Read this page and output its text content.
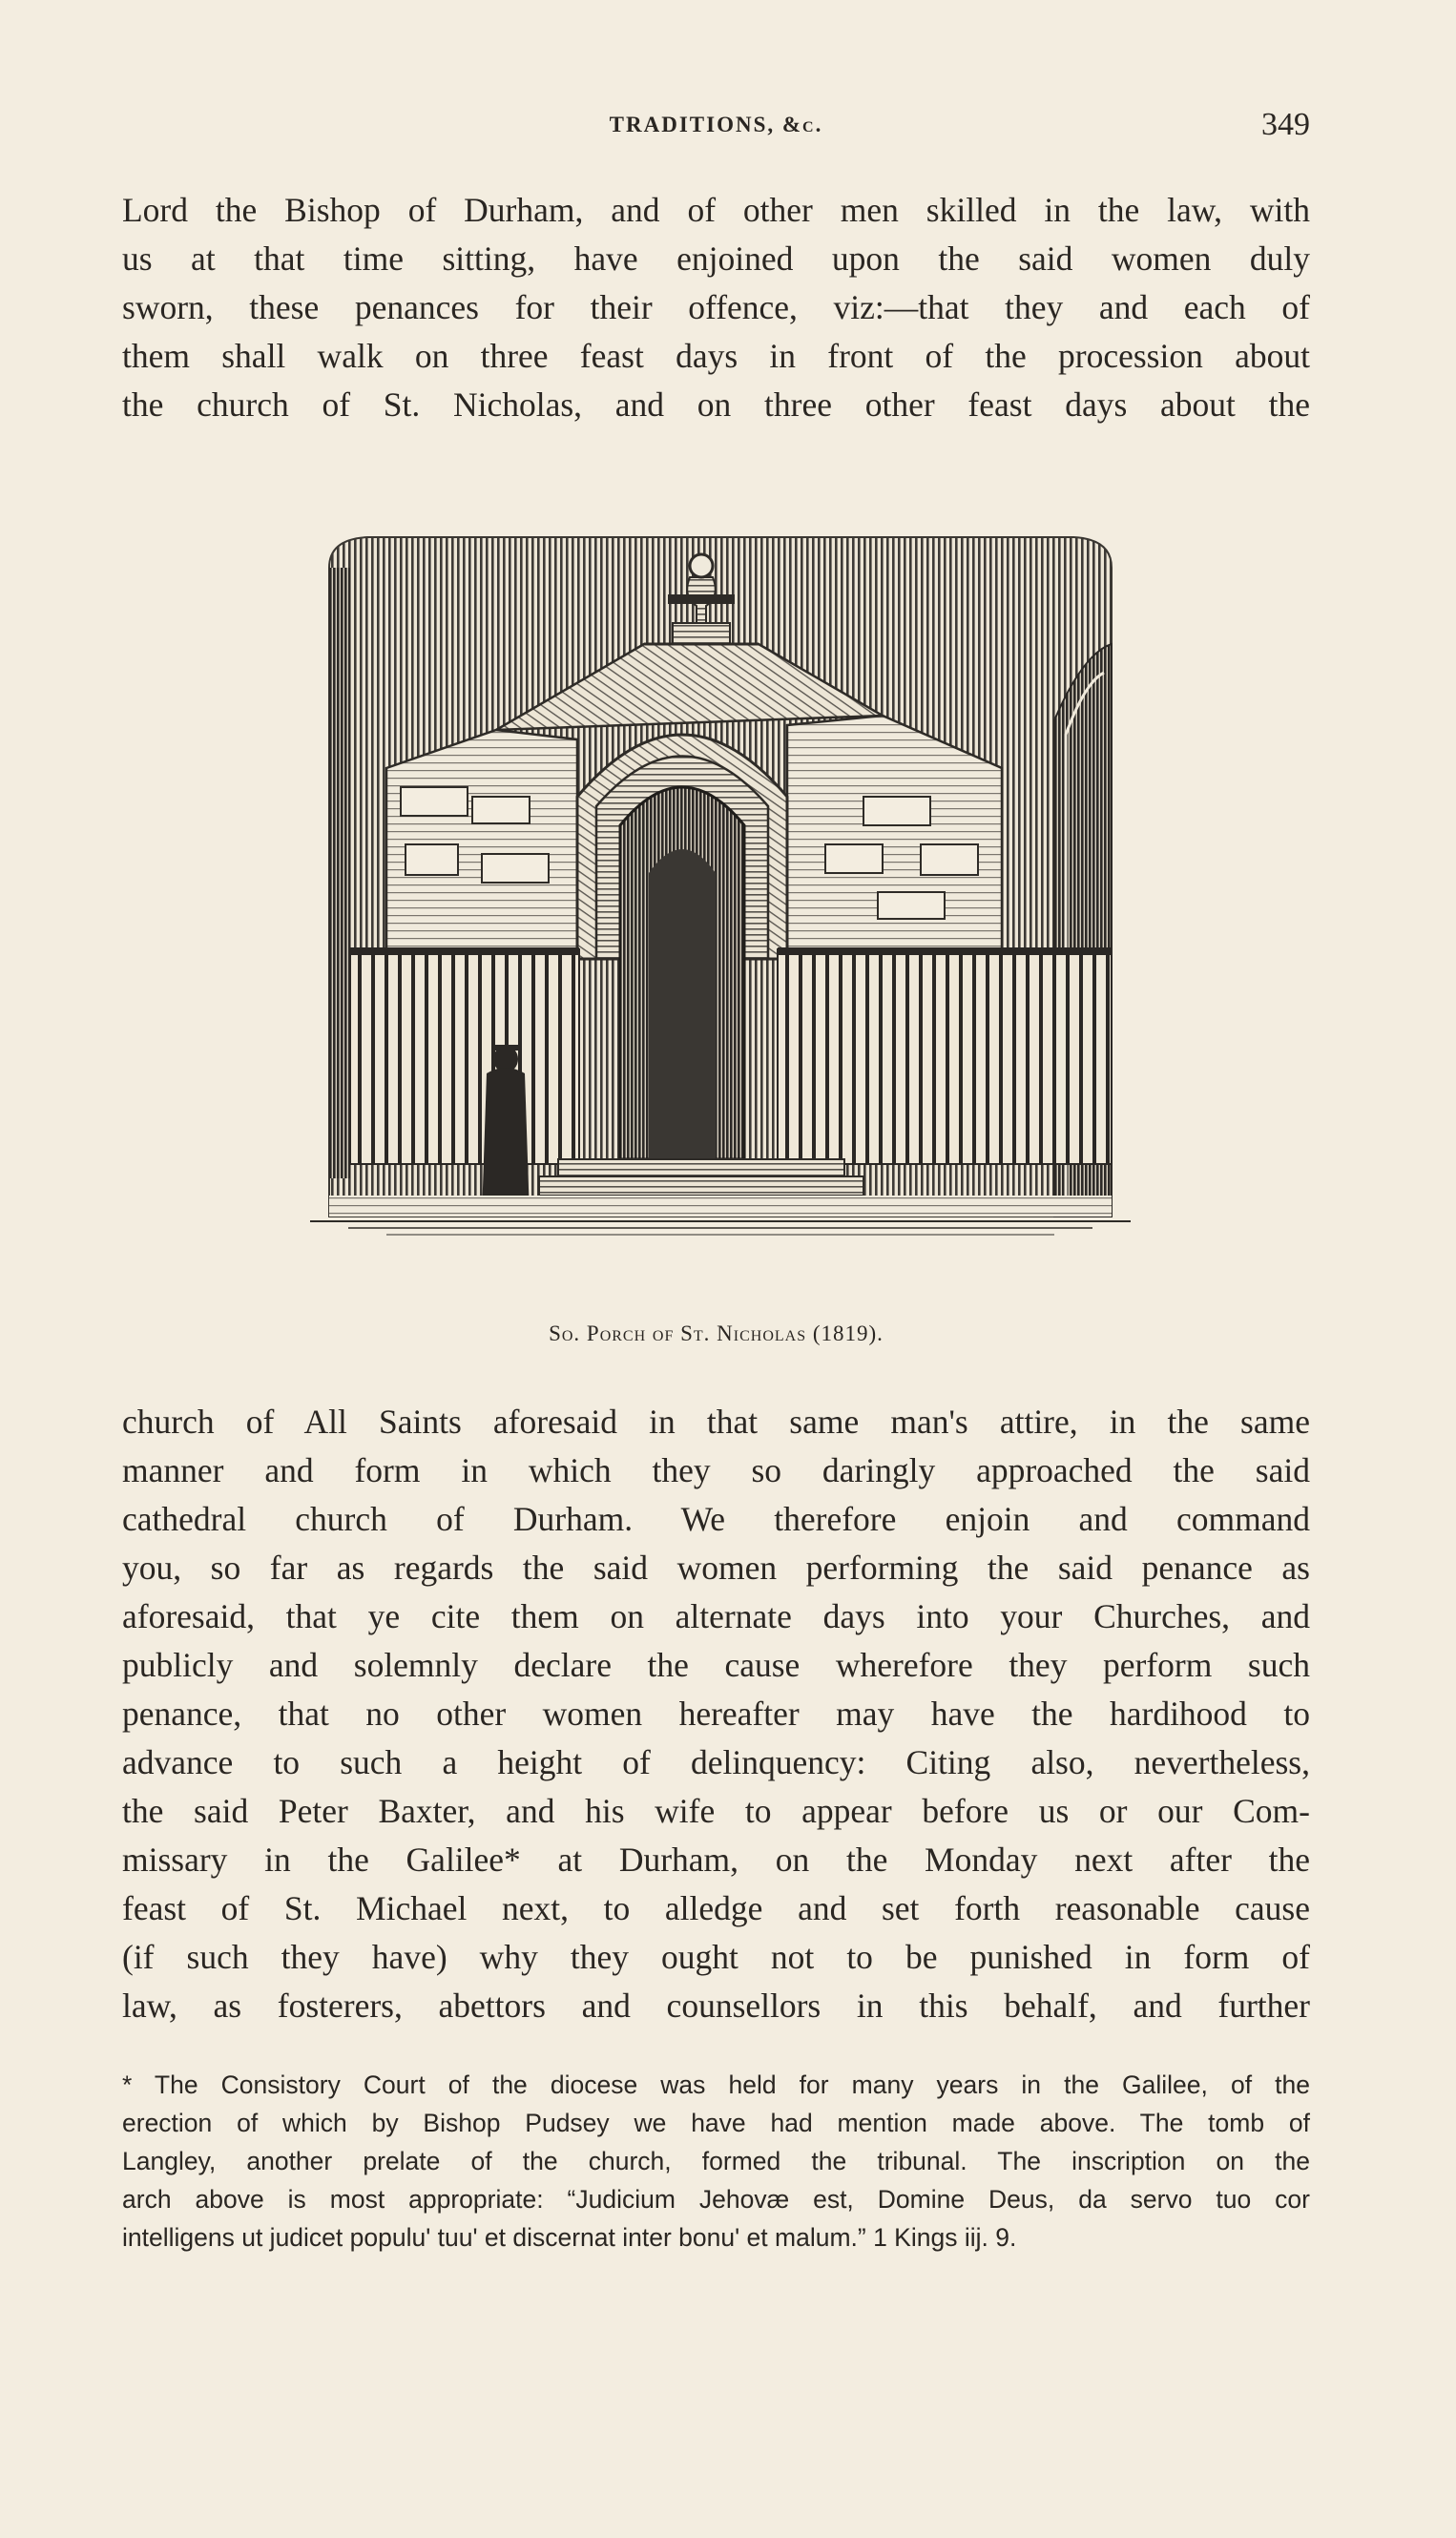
TRADITIONS, &c.	349
Lord the Bishop of Durham, and of other men skilled in the law, with
us at that time sitting, have enjoined upon the said women duly
sworn, these penances for their offence, viz:—that they and each of
them shall walk on three feast days in front of the procession about
the church of St. Nicholas, and on three other feast days about the
So. Porch of St. Nicholas (1819).
church of All Saints aforesaid in that same man's attire, in the same
manner and form in which they so daringly approached the said
cathedral church of Durham. We therefore enjoin and command
you, so far as regards the said women performing the said penance as
aforesaid, that ye cite them on alternate days into your Churches, and
publicly and solemnly declare the cause wherefore they perform such
penance, that no other women hereafter may have the hardihood to
advance to such a height of delinquency: Citing also, nevertheless,
the said Peter Baxter, and his wife to appear before us or our Com-
missary in the Galilee* at Durham, on the Monday next after the
feast of St. Michael next, to alledge and set forth reasonable cause
(if such they have) why they ought not to be punished in form of
law, as fosterers, abettors and counsellors in this behalf, and further
* The Consistory Court of the diocese was held for many years in the Galilee, of the
erection of which by Bishop Pudsey we have had mention made above. The tomb of
Langley, another prelate of the church, formed the tribunal. The inscription on the
arch above is most appropriate: “Judicium Jehovæ est, Domine Deus, da servo tuo cor
intelligens ut judicet populu' tuu' et discernat inter bonu' et malum.” 1 Kings iij. 9.
